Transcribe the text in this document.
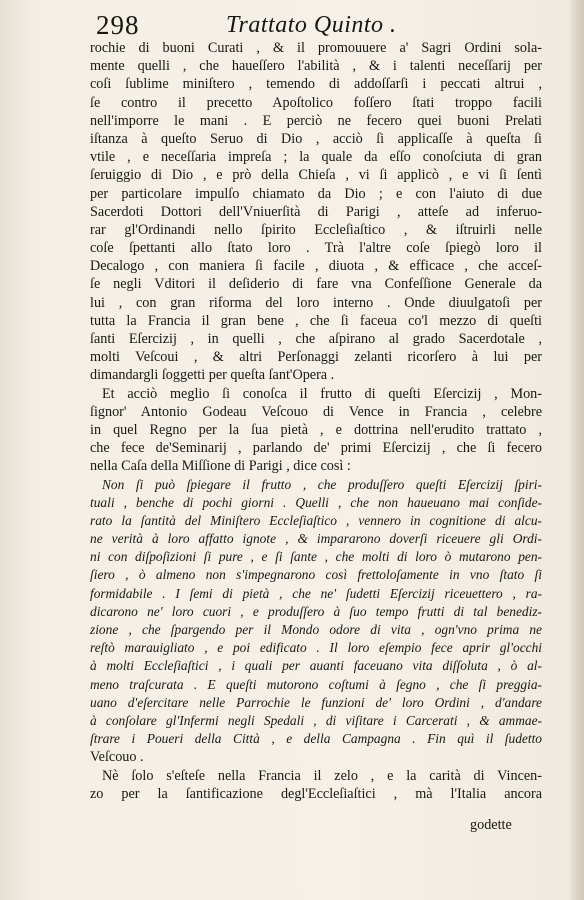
298	Trattato Quinto .
rochie di buoni Curati , & il promouuere a' Sagri Ordini sola-
mente quelli , che haueſſero l'abilità , & i talenti neceſſarij per
coſi ſublime miniſtero , temendo di addoſſarſi i peccati altrui ,
ſe contro il precetto Apoſtolico foſſero ſtati troppo facili
nell'imporre le mani . E perciò ne fecero quei buoni Prelati
iſtanza à queſto Seruo di Dio , acciò ſi applicaſſe à queſta ſi
vtile , e neceſſaria impreſa ; la quale da eſſo conoſciuta di gran
ſeruiggio di Dio , e prò della Chieſa , vi ſi applicò , e vi ſi ſentì
per particolare impulſo chiamato da Dio ; e con l'aiuto di due
Sacerdoti Dottori dell'Vniuerſità di Parigi , atteſe ad inferuo-
rar gl'Ordinandi nello ſpirito Eccleſiaſtico , & iſtruirli nelle
coſe ſpettanti allo ſtato loro . Trà l'altre coſe ſpiegò loro il
Decalogo , con maniera ſi facile , diuota , & efficace , che acceſ-
ſe negli Vditori il deſiderio di fare vna Confeſſione Generale da
lui , con gran riforma del loro interno . Onde diuulgatoſi per
tutta la Francia il gran bene , che ſi faceua co'l mezzo di queſti
ſanti Eſercizij , in quelli , che aſpirano al grado Sacerdotale ,
molti Veſcoui , & altri Perſonaggi zelanti ricorſero à lui per
dimandargli ſoggetti per queſta ſant'Opera .
Et acciò meglio ſi conoſca il frutto di queſti Eſercizij , Mon-
ſignor' Antonio Godeau Veſcouo di Vence in Francia , celebre
in quel Regno per la ſua pietà , e dottrina nell'erudito trattato ,
che fece de'Seminarij , parlando de' primi Eſercizij , che ſi fecero
nella Caſa della Miſſione di Parigi , dice così :
Non ſi può ſpiegare il frutto , che produſſero queſti Eſercizij ſpiri-
tuali , benche di pochi giorni . Quelli , che non haueuano mai conſide-
rato la ſantità del Miniſtero Eccleſiaſtico , vennero in cognitione di alcu-
ne verità à loro affatto ignote , & impararono doverſi riceuere gli Ordi-
ni con diſpoſizioni ſi pure , e ſi ſante , che molti di loro ò mutarono pen-
ſiero , ò almeno non s'impegnarono così frettoloſamente in vno ſtato ſi
formidabile . I ſemi di pietà , che ne' ſudetti Eſercizij riceuettero , ra-
dicarono ne' loro cuori , e produſſero à ſuo tempo frutti di tal benediz-
zione , che ſpargendo per il Mondo odore di vita , ogn'vno prima ne
reſtò marauigliato , e poi edificato . Il loro eſempio fece aprir gl'occhi
à molti Eccleſiaſtici , i quali per auanti faceuano vita diſſoluta , ò al-
meno traſcurata . E queſti mutorono coſtumi à ſegno , che ſi preggia-
uano d'eſercitare nelle Parrochie le funzioni de' loro Ordini , d'andare
à conſolare gl'Infermi negli Spedali , di viſitare i Carcerati , & ammae-
ſtrare i Poueri della Città , e della Campagna . Fin quì il ſudetto
Veſcouo .
Nè ſolo s'eſteſe nella Francia il zelo , e la carità di Vincen-
zo per la ſantificazione degl'Eccleſiaſtici , mà l'Italia ancora
godette
